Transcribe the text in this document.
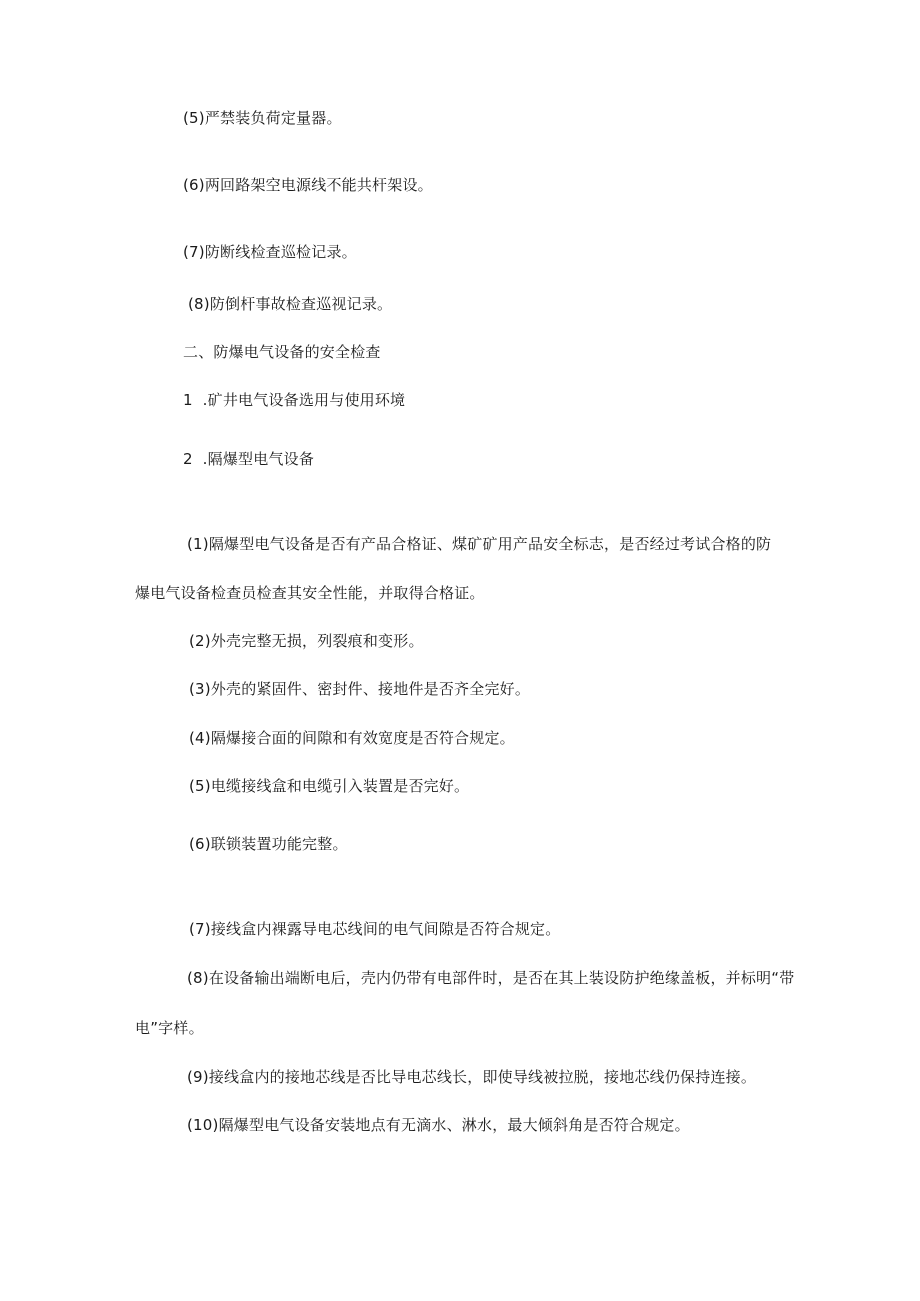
(5)严禁装负荷定量器。
(6)两回路架空电源线不能共杆架设。
(7)防断线检查巡检记录。
(8)防倒杆事故检查巡视记录。
二、防爆电气设备的安全检查
1  .矿井电气设备选用与使用环境
2  .隔爆型电气设备
(1)隔爆型电气设备是否有产品合格证、煤矿矿用产品安全标志，是否经过考试合格的防
爆电气设备检查员检查其安全性能，并取得合格证。
(2)外壳完整无损，列裂痕和变形。
(3)外壳的紧固件、密封件、接地件是否齐全完好。
(4)隔爆接合面的间隙和有效宽度是否符合规定。
(5)电缆接线盒和电缆引入装置是否完好。
(6)联锁装置功能完整。
(7)接线盒内裸露导电芯线间的电气间隙是否符合规定。
(8)在设备输出端断电后，壳内仍带有电部件时，是否在其上装设防护绝缘盖板，并标明“带
电”字样。
(9)接线盒内的接地芯线是否比导电芯线长，即使导线被拉脱，接地芯线仍保持连接。
(10)隔爆型电气设备安装地点有无滴水、淋水，最大倾斜角是否符合规定。
